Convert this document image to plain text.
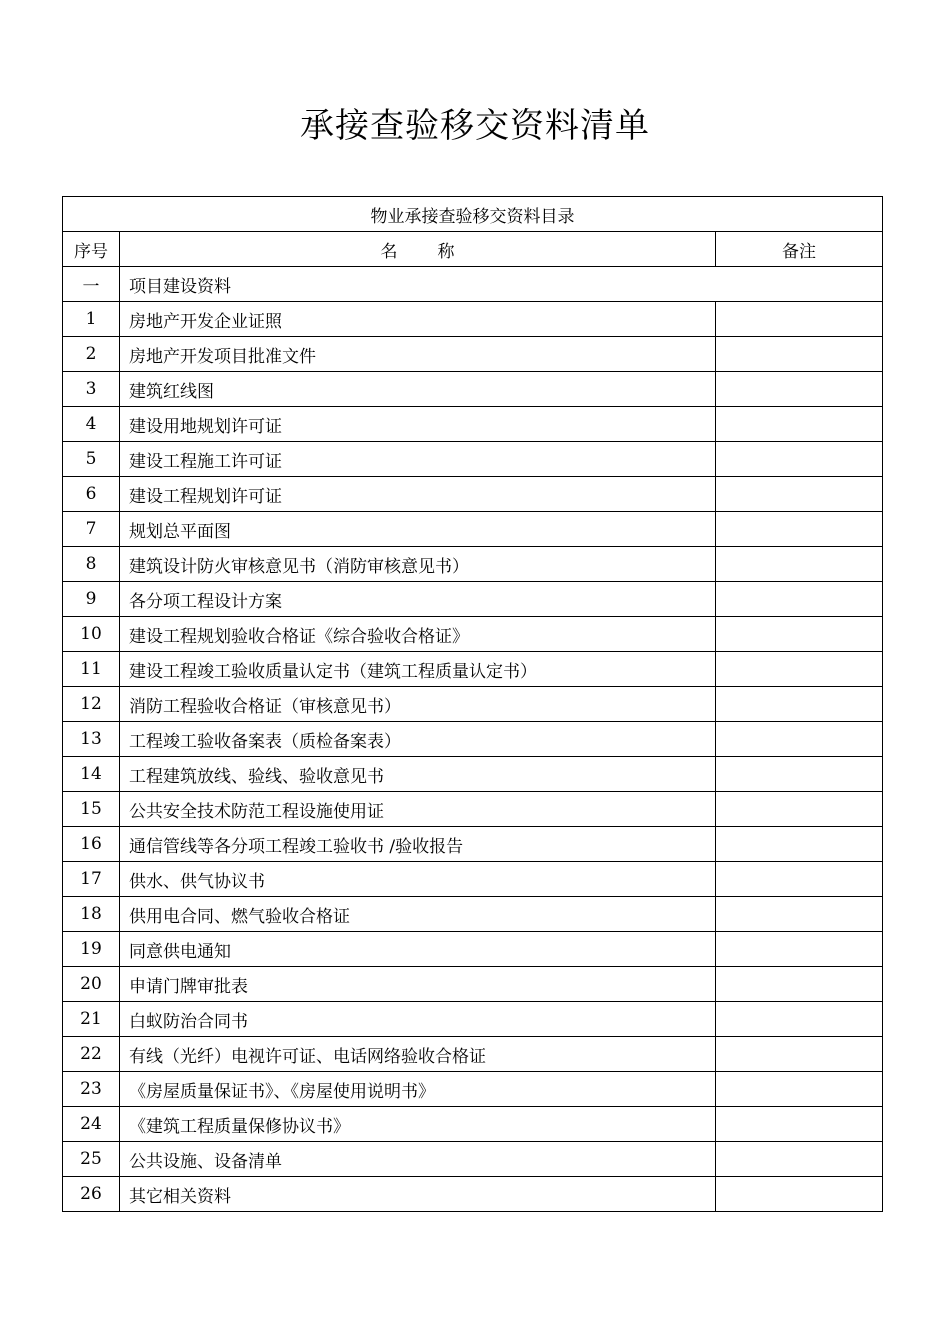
承接查验移交资料清单
物业承接查验移交资料目录		
序号	名 称	备注
一	项目建设资料	
1	房地产开发企业证照	
2	房地产开发项目批准文件	
3	建筑红线图	
4	建设用地规划许可证	
5	建设工程施工许可证	
6	建设工程规划许可证	
7	规划总平面图	
8	建筑设计防火审核意见书（消防审核意见书）	
9	各分项工程设计方案	
10	建设工程规划验收合格证《综合验收合格证》	
11	建设工程竣工验收质量认定书（建筑工程质量认定书）	
12	消防工程验收合格证（审核意见书）	
13	工程竣工验收备案表（质检备案表）	
14	工程建筑放线、验线、验收意见书	
15	公共安全技术防范工程设施使用证	
16	通信管线等各分项工程竣工验收书 /验收报告	
17	供水、供气协议书	
18	供用电合同、燃气验收合格证	
19	同意供电通知	
20	申请门牌审批表	
21	白蚁防治合同书	
22	有线（光纤）电视许可证、电话网络验收合格证	
23	《房屋质量保证书》、《房屋使用说明书》	
24	《建筑工程质量保修协议书》	
25	公共设施、设备清单	
26	其它相关资料	
